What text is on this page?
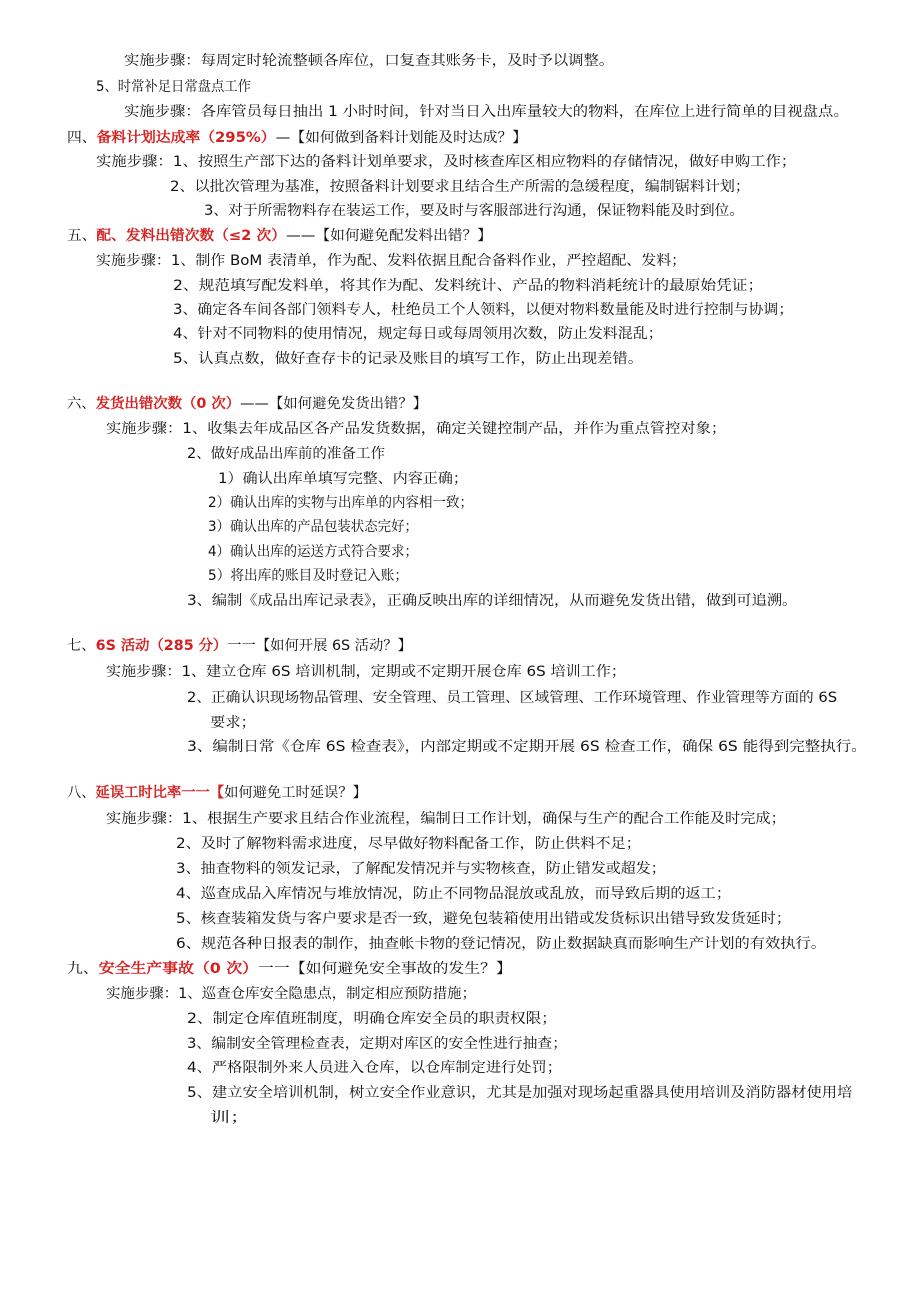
实施步骤：每周定时轮流整顿各库位，口复查其账务卡，及时予以调整。
5、时常补足日常盘点工作
实施步骤：各库管员每日抽出 1 小时时间，针对当日入出库量较大的物料，在库位上进行简单的目视盘点。
四、备料计划达成率（295%）—【如何做到备料计划能及时达成？】
实施步骤：1、按照生产部下达的备料计划单要求，及时核查库区相应物料的存储情况，做好申购工作；
2、以批次管理为基准，按照备料计划要求且结合生产所需的急缓程度，编制锯料计划；
3、对于所需物料存在装运工作，要及时与客服部进行沟通，保证物料能及时到位。
五、配、发料出错次数（≤2 次）——【如何避免配发料出错？】
实施步骤：1、制作 BoM 表清单，作为配、发料依据且配合备料作业，严控超配、发料；
2、规范填写配发料单，将其作为配、发料统计、产品的物料消耗统计的最原始凭证；
3、确定各车间各部门领料专人，杜绝员工个人领料，以便对物料数量能及时进行控制与协调；
4、针对不同物料的使用情况，规定每日或每周领用次数，防止发料混乱；
5、认真点数，做好查存卡的记录及账目的填写工作，防止出现差错。
六、发货出错次数（0 次）——【如何避免发货出错？】
实施步骤：1、收集去年成品区各产品发货数据，确定关键控制产品，并作为重点管控对象；
2、做好成品出库前的准备工作
1）确认出库单填写完整、内容正确；
2）确认出库的实物与出库单的内容相一致；
3）确认出库的产品包装状态完好；
4）确认出库的运送方式符合要求；
5）将出库的账目及时登记入账；
3、编制《成品出库记录表》，正确反映出库的详细情况，从而避免发货出错，做到可追溯。
七、6S 活动（285 分）一一【如何开展 6S 活动？】
实施步骤：1、建立仓库 6S 培训机制，定期或不定期开展仓库 6S 培训工作；
2、正确认识现场物品管理、安全管理、员工管理、区域管理、工作环境管理、作业管理等方面的 6S
要求；
3、编制日常《仓库 6S 检查表》，内部定期或不定期开展 6S 检查工作，确保 6S 能得到完整执行。
八、延误工时比率一一【如何避免工时延误？】
实施步骤：1、根据生产要求且结合作业流程，编制日工作计划，确保与生产的配合工作能及时完成；
2、及时了解物料需求进度，尽早做好物料配备工作，防止供料不足；
3、抽查物料的领发记录，了解配发情况并与实物核查，防止错发或超发；
4、巡查成品入库情况与堆放情况，防止不同物品混放或乱放，而导致后期的返工；
5、核查装箱发货与客户要求是否一致，避免包装箱使用出错或发货标识出错导致发货延时；
6、规范各种日报表的制作，抽查帐卡物的登记情况，防止数据缺真而影响生产计划的有效执行。
九、安全生产事故（0 次）一一【如何避免安全事故的发生？】
实施步骤：1、巡查仓库安全隐患点，制定相应预防措施；
2、制定仓库值班制度，明确仓库安全员的职责权限；
3、编制安全管理检查表，定期对库区的安全性进行抽查；
4、严格限制外来人员进入仓库，以仓库制定进行处罚；
5、建立安全培训机制，树立安全作业意识，尤其是加强对现场起重器具使用培训及消防器材使用培
训；
